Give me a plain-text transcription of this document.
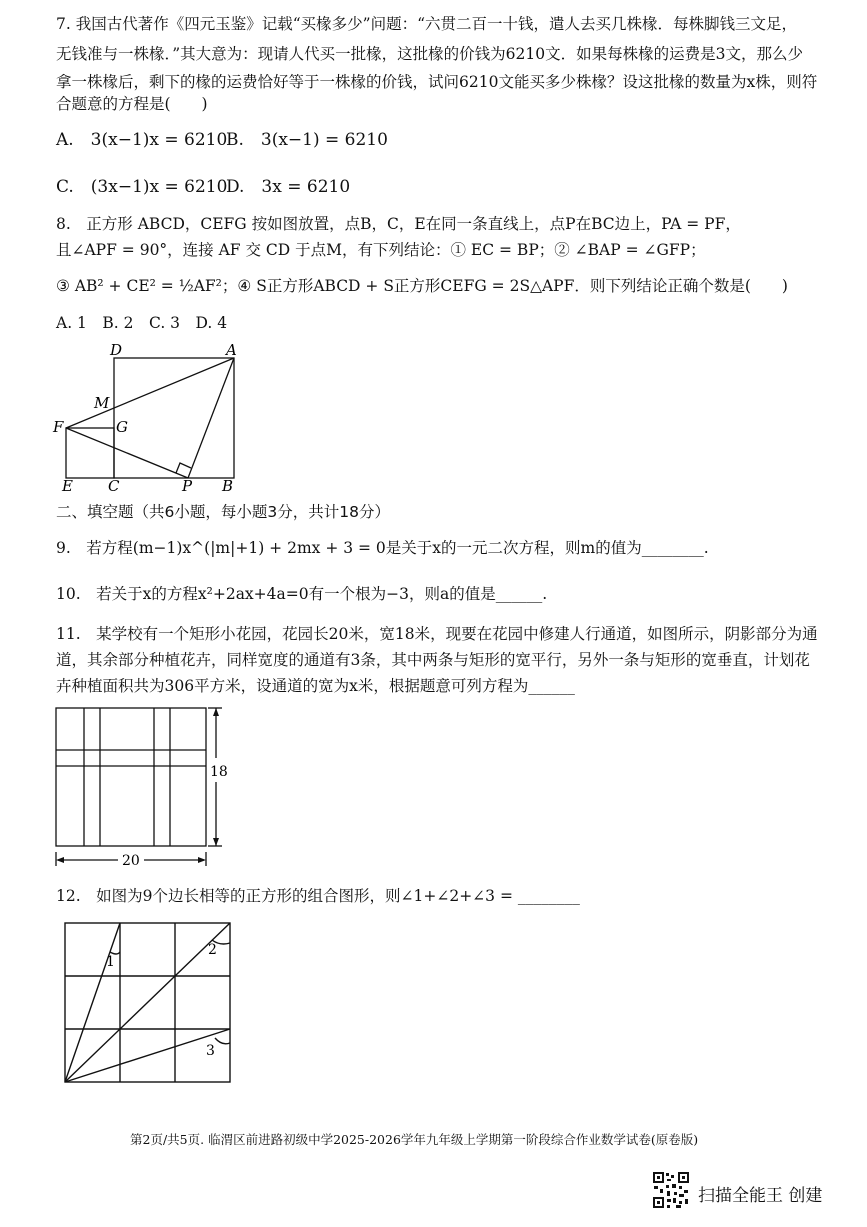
7. 我国古代著作《四元玉鉴》记载“买椽多少”问题：“六贯二百一十钱，遣人去买几株椽．每株脚钱三文足，
无钱准与一株椽．”其大意为：现请人代买一批椽，这批椽的价钱为6210文．如果每株椽的运费是3文，那么少
拿一株椽后，剩下的椽的运费恰好等于一株椽的价钱，试问6210文能买多少株椽？设这批椽的数量为x株，则符
合题意的方程是(　　)
A.　3(x−1)x = 6210
B.　3(x−1) = 6210
C.　(3x−1)x = 6210
D.　3x = 6210
8.　正方形 ABCD，CEFG 按如图放置，点B，C，E在同一条直线上，点P在BC边上，PA = PF，
且∠APF = 90°，连接 AF 交 CD 于点M，有下列结论：① EC = BP；② ∠BAP = ∠GFP；
③ AB² + CE² = ½AF²；④ S正方形ABCD + S正方形CEFG = 2S△APF．则下列结论正确个数是(　　)
A. 1　B. 2　C. 3　D. 4
D	A
M
F	G
E C	P B
二、填空题（共6小题，每小题3分，共计18分）
9.　若方程(m−1)x^(|m|+1) + 2mx + 3 = 0是关于x的一元二次方程，则m的值为________.
10.　若关于x的方程x²+2ax+4a=0有一个根为−3，则a的值是______.
11.　某学校有一个矩形小花园，花园长20米，宽18米，现要在花园中修建人行通道，如图所示，阴影部分为通
道，其余部分种植花卉，同样宽度的通道有3条，其中两条与矩形的宽平行，另外一条与矩形的宽垂直，计划花
卉种植面积共为306平方米，设通道的宽为x米，根据题意可列方程为______
18
20
12.　如图为9个边长相等的正方形的组合图形，则∠1+∠2+∠3 = ________
1
2
3
第2页/共5页. 临渭区前进路初级中学2025-2026学年九年级上学期第一阶段综合作业数学试卷(原卷版)
扫描全能王 创建
